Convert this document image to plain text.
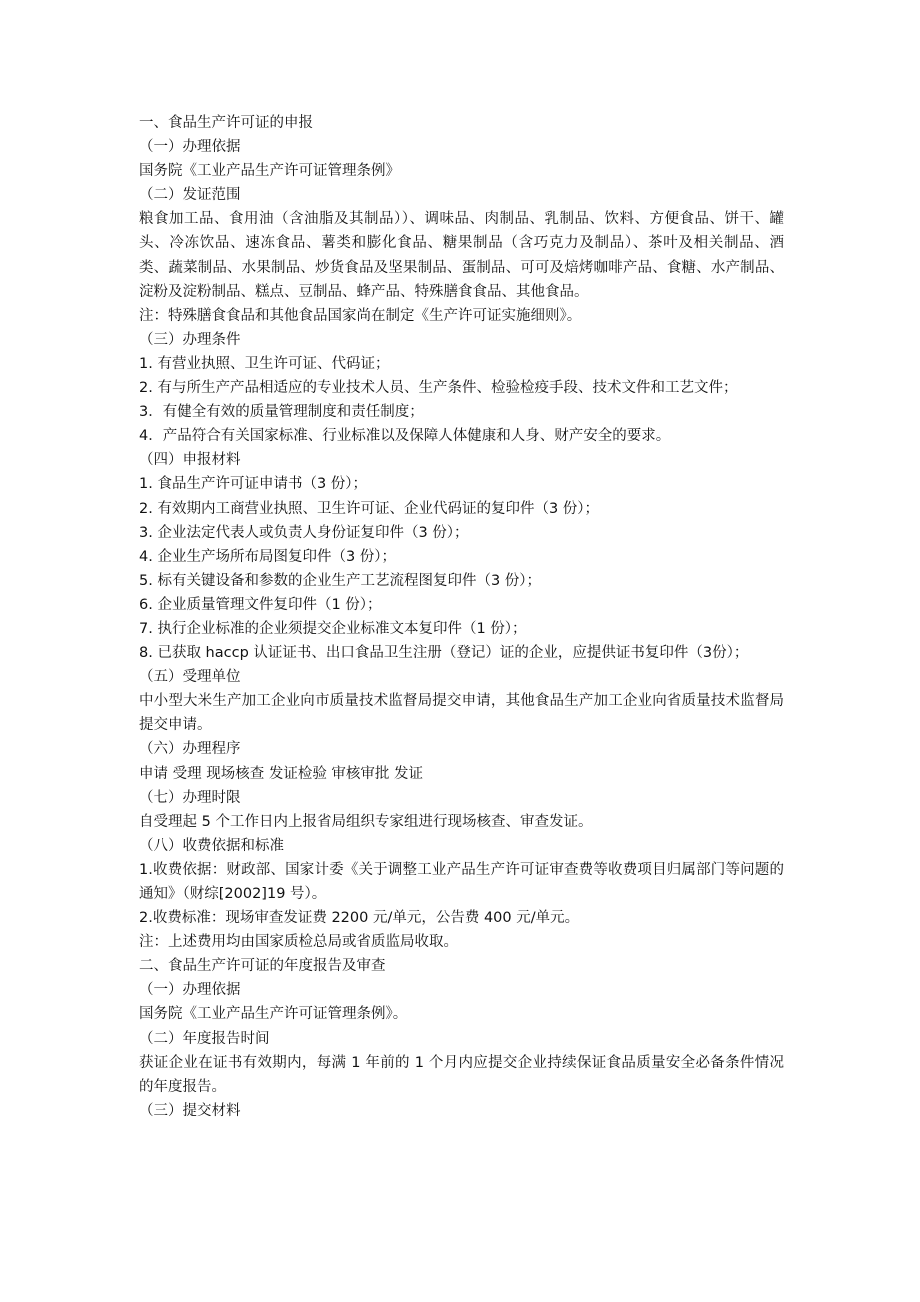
一、食品生产许可证的申报
（一）办理依据
国务院《工业产品生产许可证管理条例》
（二）发证范围
粮食加工品、食用油（含油脂及其制品））、调味品、肉制品、乳制品、饮料、方便食品、饼干、罐头、冷冻饮品、速冻食品、薯类和膨化食品、糖果制品（含巧克力及制品）、茶叶及相关制品、酒类、蔬菜制品、水果制品、炒货食品及坚果制品、蛋制品、可可及焙烤咖啡产品、食糖、水产制品、淀粉及淀粉制品、糕点、豆制品、蜂产品、特殊膳食食品、其他食品。
注：特殊膳食食品和其他食品国家尚在制定《生产许可证实施细则》。
（三）办理条件
1. 有营业执照、卫生许可证、代码证；
2. 有与所生产产品相适应的专业技术人员、生产条件、检验检疫手段、技术文件和工艺文件；
3．有健全有效的质量管理制度和责任制度；
4．产品符合有关国家标准、行业标准以及保障人体健康和人身、财产安全的要求。
（四）申报材料
1. 食品生产许可证申请书（3 份）；
2. 有效期内工商营业执照、卫生许可证、企业代码证的复印件（3 份）；
3. 企业法定代表人或负责人身份证复印件（3 份）；
4. 企业生产场所布局图复印件（3 份）；
5. 标有关键设备和参数的企业生产工艺流程图复印件（3 份）；
6. 企业质量管理文件复印件（1 份）；
7. 执行企业标准的企业须提交企业标准文本复印件（1 份）；
8. 已获取 haccp 认证证书、出口食品卫生注册（登记）证的企业，应提供证书复印件（3份）；
（五）受理单位
中小型大米生产加工企业向市质量技术监督局提交申请，其他食品生产加工企业向省质量技术监督局提交申请。
（六）办理程序
申请 受理 现场核查 发证检验 审核审批 发证
（七）办理时限
自受理起 5 个工作日内上报省局组织专家组进行现场核查、审查发证。
（八）收费依据和标准
1.收费依据：财政部、国家计委《关于调整工业产品生产许可证审查费等收费项目归属部门等问题的通知》（财综[2002]19 号）。
2.收费标准：现场审查发证费 2200 元/单元，公告费 400 元/单元。
注：上述费用均由国家质检总局或省质监局收取。
二、食品生产许可证的年度报告及审查
（一）办理依据
国务院《工业产品生产许可证管理条例》。
（二）年度报告时间
获证企业在证书有效期内，每满 1 年前的 1 个月内应提交企业持续保证食品质量安全必备条件情况的年度报告。
（三）提交材料
